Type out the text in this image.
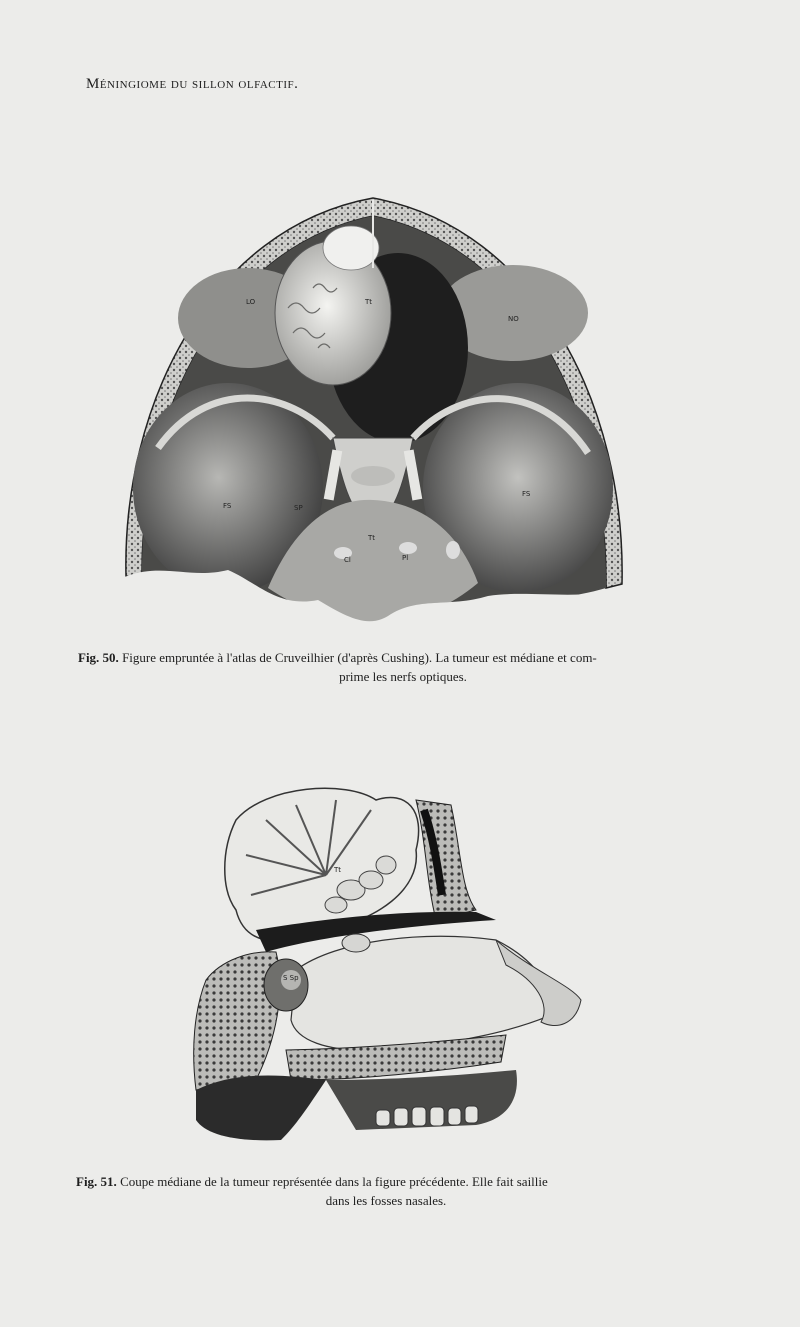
Méningiome du sillon olfactif.
Tt
LO
NO
FS	SP
FS
Cl	Pl
Tt
Fig. 50. Figure empruntée à l'atlas de Cruveilhier (d'après Cushing). La tumeur est médiane et com-
prime les nerfs optiques.
Tt
S Sp
Fig. 51. Coupe médiane de la tumeur représentée dans la figure précédente. Elle fait saillie
dans les fosses nasales.
